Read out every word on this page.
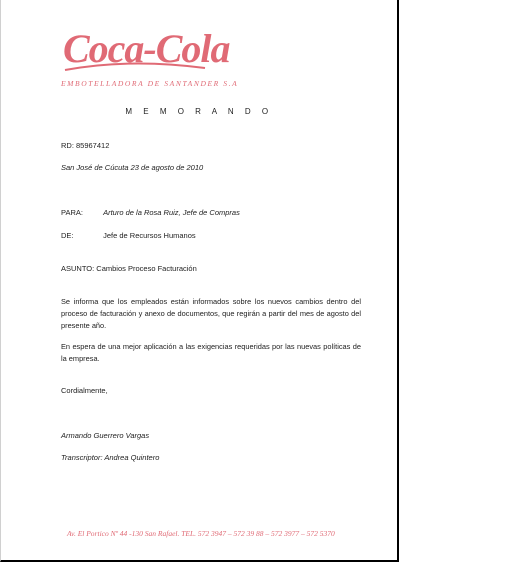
Coca-Cola
EMBOTELLADORA DE SANTANDER S.A
M E M O R A N D O
RD: 85967412
San José de Cúcuta 23 de agosto de 2010
PARA:	Arturo de la Rosa Ruiz, Jefe de Compras
DE:	Jefe de Recursos Humanos
ASUNTO: Cambios Proceso Facturación
Se informa que los empleados están informados sobre los nuevos cambios dentro del proceso de facturación y anexo de documentos, que regirán a partir del mes de agosto del presente año.
En espera de una mejor aplicación a las exigencias requeridas por las nuevas políticas de la empresa.
Cordialmente,
Armando Guerrero Vargas
Transcriptor: Andrea Quintero
Av. El Portico Nº 44 -130 San Rafael. TEL. 572 3947 – 572 39 88 – 572 3977 – 572 5370
